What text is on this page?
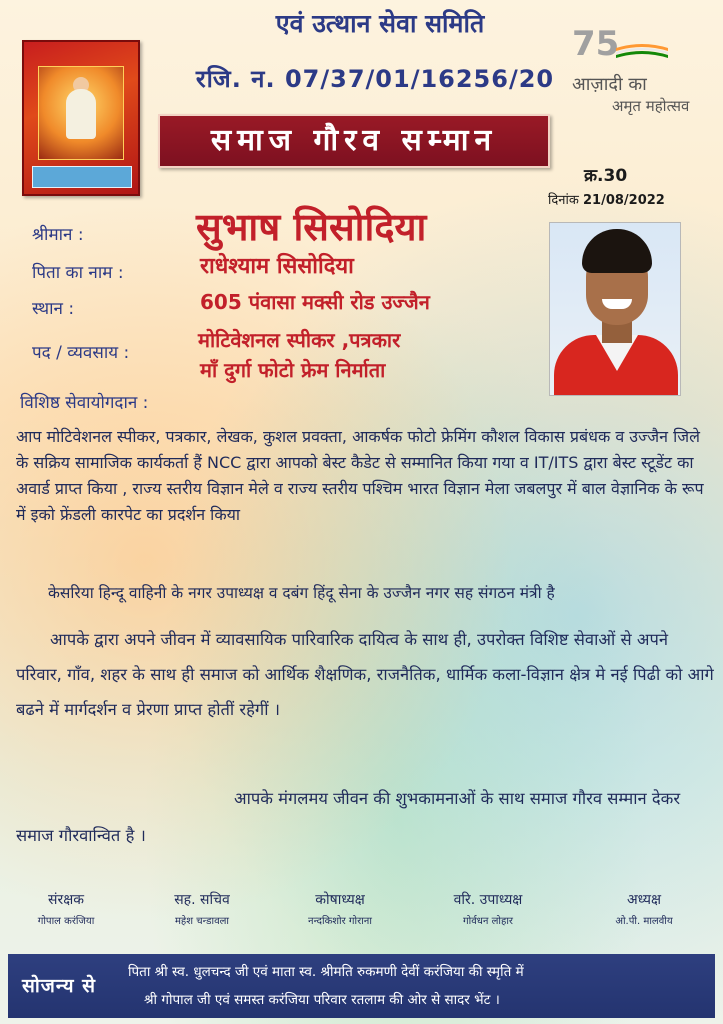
एवं उत्थान सेवा समिति
रजि. न. 07/37/01/16256/20
75
आज़ादी का
अमृत महोत्सव
समाज गौरव सम्मान
क्र.30
दिनांक 21/08/2022
श्रीमान :	सुभाष सिसोदिया
पिता का नाम :	राधेश्याम सिसोदिया
स्थान :	605 पंवासा मक्सी रोड उज्जैन
पद / व्यवसाय :
मोटिवेशनल स्पीकर ,पत्रकार
माँ दुर्गा फोटो फ्रेम निर्माता
विशिष्ठ सेवायोगदान :
आप मोटिवेशनल स्पीकर, पत्रकार, लेखक, कुशल प्रवक्ता, आकर्षक फोटो फ्रेमिंग कौशल विकास प्रबंधक व उज्जैन जिले के सक्रिय सामाजिक कार्यकर्ता हैं NCC द्वारा आपको बेस्ट कैडेट से सम्मानित किया गया व IT/ITS द्वारा बेस्ट स्टूडेंट का अवार्ड प्राप्त किया , राज्य स्तरीय विज्ञान मेले व राज्य स्तरीय पश्चिम भारत विज्ञान मेला जबलपुर में बाल वेज्ञानिक के रूप में इको फ्रेंडली कारपेट का प्रदर्शन किया
केसरिया हिन्दू वाहिनी के नगर उपाध्यक्ष व दबंग हिंदू सेना के उज्जैन नगर सह संगठन मंत्री है
आपके द्वारा अपने जीवन में व्यावसायिक पारिवारिक दायित्व के साथ ही, उपरोक्त विशिष्ट सेवाओं से अपने परिवार, गाँव, शहर के साथ ही समाज को आर्थिक शैक्षणिक, राजनैतिक, धार्मिक कला-विज्ञान क्षेत्र मे नई पिढी को आगे बढने में मार्गदर्शन व प्रेरणा प्राप्त होतीं रहेगीं ।
आपके मंगलमय जीवन की शुभकामनाओं के साथ समाज गौरव सम्मान देकर समाज गौरवान्वित है ।
संरक्षक
गोपाल करंजिया
सह. सचिव
महेश चन्डावला
कोषाध्यक्ष
नन्दकिशोर गोराना
वरि. उपाध्यक्ष
गोर्वधन लोहार
अध्यक्ष
ओ.पी. मालवीय
सोजन्य से
पिता श्री स्व. धुलचन्द जी एवं माता स्व. श्रीमति रुकमणी देवीं करंजिया की स्मृति में
श्री गोपाल जी एवं समस्त करंजिया परिवार रतलाम की ओर से सादर भेंट ।
